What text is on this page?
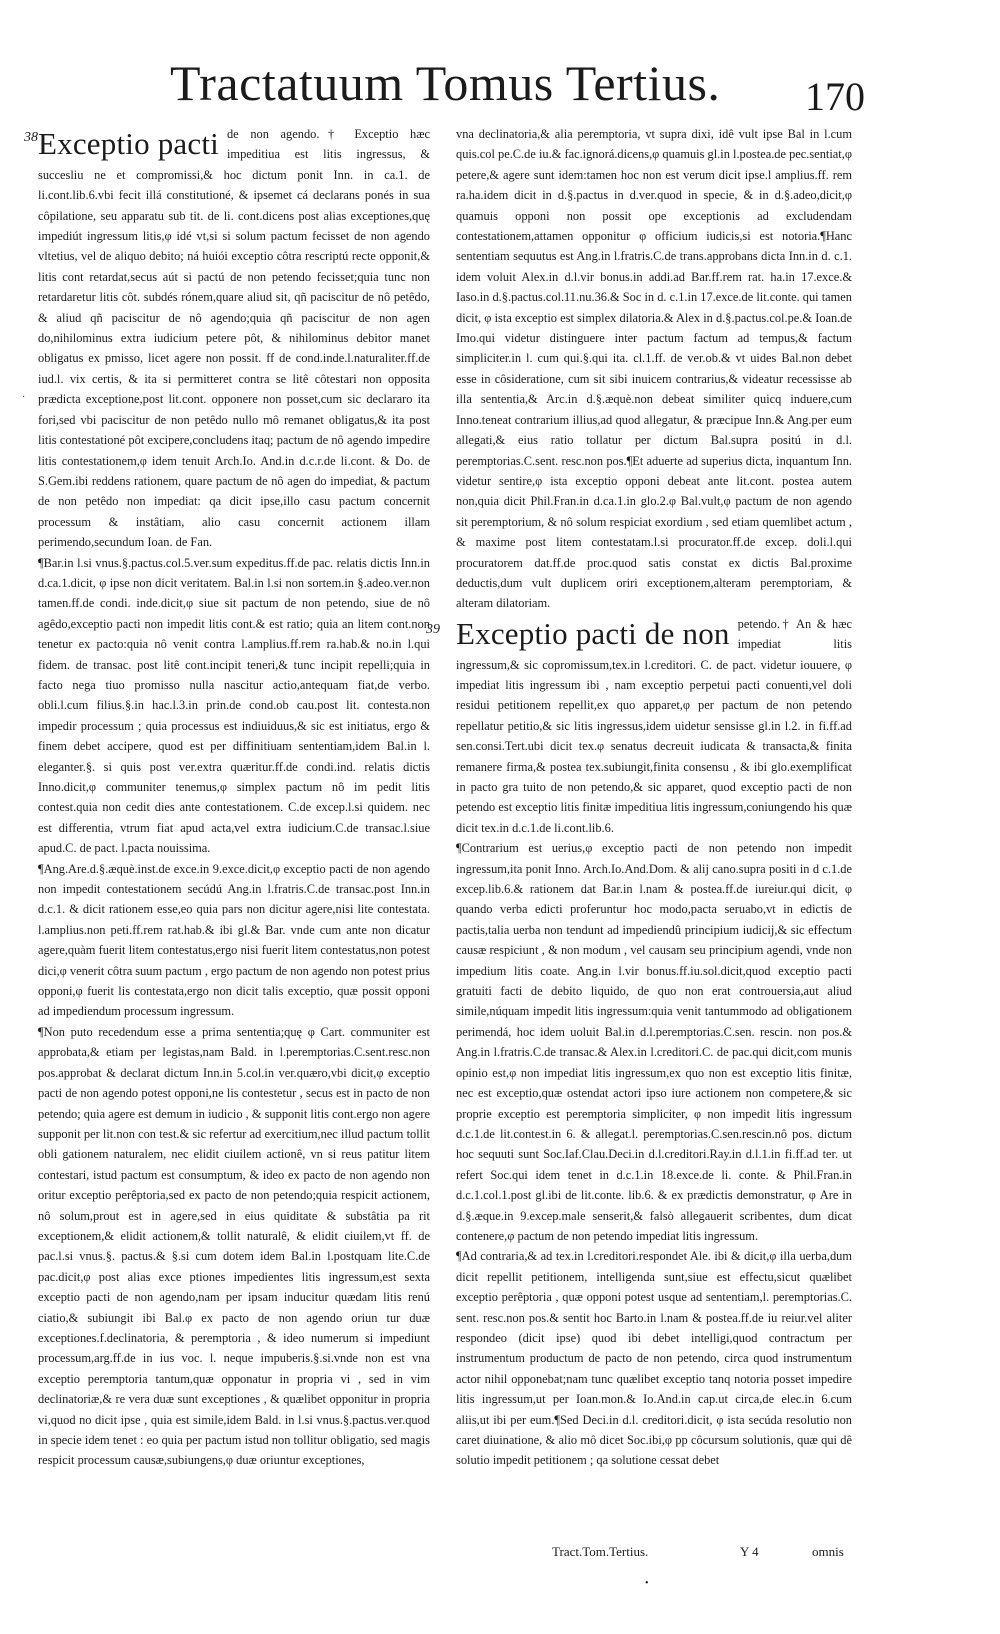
Tractatuum Tomus Tertius.	170
38 Exceptio pacti de non agendo.† Exceptio hæc impeditiua est litis ingressus, & succesliu ne et compromissi,& hoc dictum ponit Inn. in ca.1. de li.cont.lib.6.vbi fecit illá constitutioné, & ipsemet cá declarans ponés in sua côpilatione, seu apparatu sub tit. de li. cont.dicens post alias exceptiones,quę impediút ingressum litis,φ idé vt,si si solum pactum fecisset de non agendo vltetius, vel de aliquo debito; ná huiói exceptio côtra rescriptú recte opponit,& litis cont retardat,secus aút si pactú de non petendo fecisset;quia tunc non retardaretur litis côt. subdés rónem,quare aliud sit, qñ paciscitur de nô petêdo, & aliud qñ paciscitur de nô agendo;quia qñ paciscitur de non agen do,nihilominus extra iudicium petere pôt, & nihilominus debitor manet obligatus ex pmisso, licet agere non possit. ff de cond.inde.l.naturaliter.ff.de iud.l. vix certis, & ita si permitteret contra se litê côtestari non opposita prædicta exceptione,post lit.cont. opponere non posset,cum sic declararo ita fori,sed vbi paciscitur de non petêdo nullo mô remanet obligatus,& ita post litis contestationé pôt excipere,concludens itaq; pactum de nô agendo impedire litis contestationem,φ idem tenuit Arch.Io. And.in d.c.r.de li.cont. & Do. de S.Gem.ibi reddens rationem, quare pactum de nô agen do impediat, & pactum de non petêdo non impediat: qa dicit ipse,illo casu pactum concernit processum & instâtiam, alio casu concernit actionem illam perimendo,secundum Ioan. de Fan.

¶Bar.in l.si vnus.§.pactus.col.5.ver.sum expeditus.ff.de pac. relatis dictis Inn.in d.ca.1.dicit, φ ipse non dicit veritatem. Bal.in l.si non sortem.in §.adeo.ver.non tamen.ff.de condi. inde.dicit,φ siue sit pactum de non petendo, siue de nô agêdo,exceptio pacti non impedit litis cont.& est ratio; quia an litem cont.non tenetur ex pacto:quia nô venit contra l.amplius.ff.rem ra.hab.& no.in l.qui fidem. de transac. post litê cont.incipit teneri,& tunc incipit repelli;quia in facto nega tiuo promisso nulla nascitur actio,antequam fiat,de verbo. obli.l.cum filius.§.in hac.l.3.in prin.de cond.ob cau.post lit. contesta.non impedir processum ; quia processus est indiuiduus,& sic est initiatus, ergo & finem debet accipere, quod est per diffinitiuam sententiam,idem Bal.in l. eleganter.§. si quis post ver.extra quæritur.ff.de condi.ind. relatis dictis Inno.dicit,φ communiter tenemus,φ simplex pactum nô im pedit litis contest.quia non cedit dies ante contestationem. C.de excep.l.si quidem. nec est differentia, vtrum fiat apud acta,vel extra iudicium.C.de transac.l.siue apud.C. de pact. l.pacta nouissima.

¶Ang.Are.d.§.æquè.inst.de exce.in 9.exce.dicit,φ exceptio pacti de non agendo non impedit contestationem secúdú Ang.in l.fratris.C.de transac.post Inn.in d.c.1. & dicit rationem esse,eo quia pars non dicitur agere,nisi lite contestata. l.amplius.non peti.ff.rem rat.hab.& ibi gl.& Bar. vnde cum ante non dicatur agere,quàm fuerit litem contestatus,ergo nisi fuerit litem contestatus,non potest dici,φ venerit côtra suum pactum , ergo pactum de non agendo non potest prius opponi,φ fuerit lis contestata,ergo non dicit talis exceptio, quæ possit opponi ad impediendum processum ingressum.

¶Non puto recedendum esse a prima sententia;quę φ Cart. communiter est approbata,& etiam per legistas,nam Bald. in l.peremptorias.C.sent.resc.non pos.approbat & declarat dictum Inn.in 5.col.in ver.quæro,vbi dicit,φ exceptio pacti de non agendo potest opponi,ne lis contestetur , secus est in pacto de non petendo; quia agere est demum in iudicio , & supponit litis cont.ergo non agere supponit per lit.non con test.& sic refertur ad exercitium,nec illud pactum tollit obli gationem naturalem, nec elidit ciuilem actionê, vn si reus patitur litem contestari, istud pactum est consumptum, & ideo ex pacto de non agendo non oritur exceptio perêptoria,sed ex pacto de non petendo;quia respicit actionem, nô solum,prout est in agere,sed in eius quiditate & substâtia pa rit exceptionem,& elidit actionem,& tollit naturalê, & elidit ciuilem,vt ff. de pac.l.si vnus.§. pactus.& §.si cum dotem idem Bal.in l.postquam lite.C.de pac.dicit,φ post alias exce ptiones impedientes litis ingressum,est sexta exceptio pacti de non agendo,nam per ipsam inducitur quædam litis renú ciatio,& subiungit ibi Bal.φ ex pacto de non agendo oriun tur duæ exceptiones.f.declinatoria, & peremptoria , & ideo numerum si impediunt processum,arg.ff.de in ius voc. l. neque impuberis.§.si.vnde non est vna exceptio peremptoria tantum,quæ opponatur in propria vi , sed in vim declinatoriæ,& re vera duæ sunt exceptiones , & quælibet opponitur in propria vi,quod no dicit ipse , quia est simile,idem Bald. in l.si vnus.§.pactus.ver.quod in specie idem tenet : eo quia per pactum istud non tollitur obligatio, sed magis respicit processum causæ,subiungens,φ duæ oriuntur exceptiones,

vna declinatoria,& alia peremptoria, vt supra dixi, idê vult ipse Bal in l.cum quis.col pe.C.de iu.& fac.ignorá.dicens,φ quamuis gl.in l.postea.de pec.sentiat,φ petere,& agere sunt idem:tamen hoc non est verum dicit ipse.l amplius.ff. rem ra.ha.idem dicit in d.§.pactus in d.ver.quod in specie, & in d.§.adeo,dicit,φ quamuis opponi non possit ope exceptionis ad excludendam contestationem,attamen opponitur φ officium iudicis,si est notoria.¶Hanc sententiam sequutus est Ang.in l.fratris.C.de trans.approbans dicta Inn.in d. c.1. idem voluit Alex.in d.l.vir bonus.in addi.ad Bar.ff.rem rat. ha.in 17.exce.& Iaso.in d.§.pactus.col.11.nu.36.& Soc in d. c.1.in 17.exce.de lit.conte. qui tamen dicit, φ ista exceptio est simplex dilatoria.& Alex in d.§.pactus.col.pe.& Ioan.de Imo.qui videtur distinguere inter pactum factum ad tempus,& factum simpliciter.in l. cum qui.§.qui ita. cl.1.ff. de ver.ob.& vt uides Bal.non debet esse in côsideratione, cum sit sibi inuicem contrarius,& videatur recessisse ab illa sententia,& Arc.in d.§.æquè.non debeat similiter quicq induere,cum Inno.teneat contrarium illius,ad quod allegatur, & præcipue Inn.& Ang.per eum allegati,& eius ratio tollatur per dictum Bal.supra positú in d.l. peremptorias.C.sent. resc.non pos.¶Et aduerte ad superius dicta, inquantum Inn. videtur sentire,φ ista exceptio opponi debeat ante lit.cont. postea autem non,quia dicit Phil.Fran.in d.ca.1.in glo.2.φ Bal.vult,φ pactum de non agendo sit peremptorium, & nô solum respiciat exordium , sed etiam quemlibet actum , & maxime post litem contestatam.l.si procurator.ff.de excep. doli.l.qui procuratorem dat.ff.de proc.quod satis constat ex dictis Bal.proxime deductis,dum vult duplicem oriri exceptionem,alteram peremptoriam, & alteram dilatoriam.

39 Exceptio pacti de non petendo.† An & hæc impediat litis ingressum,& sic copromissum,tex.in l.creditori. C. de pact. videtur iouuere, φ impediat litis ingressum ibi , nam exceptio perpetui pacti conuenti,vel doli residui petitionem repellit,ex quo apparet,φ per pactum de non petendo repellatur petitio,& sic litis ingressus,idem uidetur sensisse gl.in l.2. in fi.ff.ad sen.consi.Tert.ubi dicit tex.φ senatus decreuit iudicata & transacta,& finita remanere firma,& postea tex.subiungit,finita consensu , & ibi glo.exemplificat in pacto gra tuito de non petendo,& sic apparet, quod exceptio pacti de non petendo est exceptio litis finitæ impeditiua litis ingressum,coniungendo his quæ dicit tex.in d.c.1.de li.cont.lib.6.

¶Contrarium est uerius,φ exceptio pacti de non petendo non impedit ingressum,ita ponit Inno. Arch.Io.And.Dom. & alij cano.supra positi in d c.1.de excep.lib.6.& rationem dat Bar.in l.nam & postea.ff.de iureiur.qui dicit, φ quando verba edicti proferuntur hoc modo,pacta seruabo,vt in edictis de pactis,talia uerba non tendunt ad impediendû principium iudicij,& sic effectum causæ respiciunt , & non modum , vel causam seu principium agendi, vnde non impedium litis coate. Ang.in l.vir bonus.ff.iu.sol.dicit,quod exceptio pacti gratuiti facti de debito liquido, de quo non erat controuersia,aut aliud simile,núquam impedit litis ingressum:quia venit tantummodo ad obligationem perimendá, hoc idem uoluit Bal.in d.l.peremptorias.C.sen. rescin. non pos.& Ang.in l.fratris.C.de transac.& Alex.in l.creditori.C. de pac.qui dicit,com munis opinio est,φ non impediat litis ingressum,ex quo non est exceptio litis finitæ, nec est exceptio,quæ ostendat actori ipso iure actionem non competere,& sic proprie exceptio est peremptoria simpliciter, φ non impedit litis ingressum d.c.1.de lit.contest.in 6. & allegat.l. peremptorias.C.sen.rescin.nô pos. dictum hoc sequuti sunt Soc.Iaf.Clau.Deci.in d.l.creditori.Ray.in d.l.1.in fi.ff.ad ter. ut refert Soc.qui idem tenet in d.c.1.in 18.exce.de li. conte. & Phil.Fran.in d.c.1.col.1.post gl.ibi de lit.conte. lib.6. & ex prædictis demonstratur, φ Are in d.§.æque.in 9.excep.male senserit,& falsò allegauerit scribentes, dum dicat contenere,φ pactum de non petendo impediat litis ingressum.

¶Ad contraria,& ad tex.in l.creditori.respondet Ale. ibi & dicit,φ illa uerba,dum dicit repellit petitionem, intelligenda sunt,siue est effectu,sicut quælibet exceptio perêptoria , quæ opponi potest usque ad sententiam,l. peremptorias.C. sent. resc.non pos.& sentit hoc Barto.in l.nam & postea.ff.de iu reiur.vel aliter respondeo (dicit ipse) quod ibi debet intelligi,quod contractum per instrumentum productum de pacto de non petendo, circa quod instrumentum actor nihil opponebat;nam tunc quælibet exceptio tanq notoria posset impedire litis ingressum,ut per Ioan.mon.& Io.And.in cap.ut circa,de elec.in 6.cum aliis,ut ibi per eum.¶Sed Deci.in d.l. creditori.dicit, φ ista secúda resolutio non caret diuinatione, & alio mô dicet Soc.ibi,φ pp côcursum solutionis, quæ qui dê solutio impedit petitionem ; qa solutione cessat debet

Tract.Tom.Tertius.	Y 4	omnis
•
·
